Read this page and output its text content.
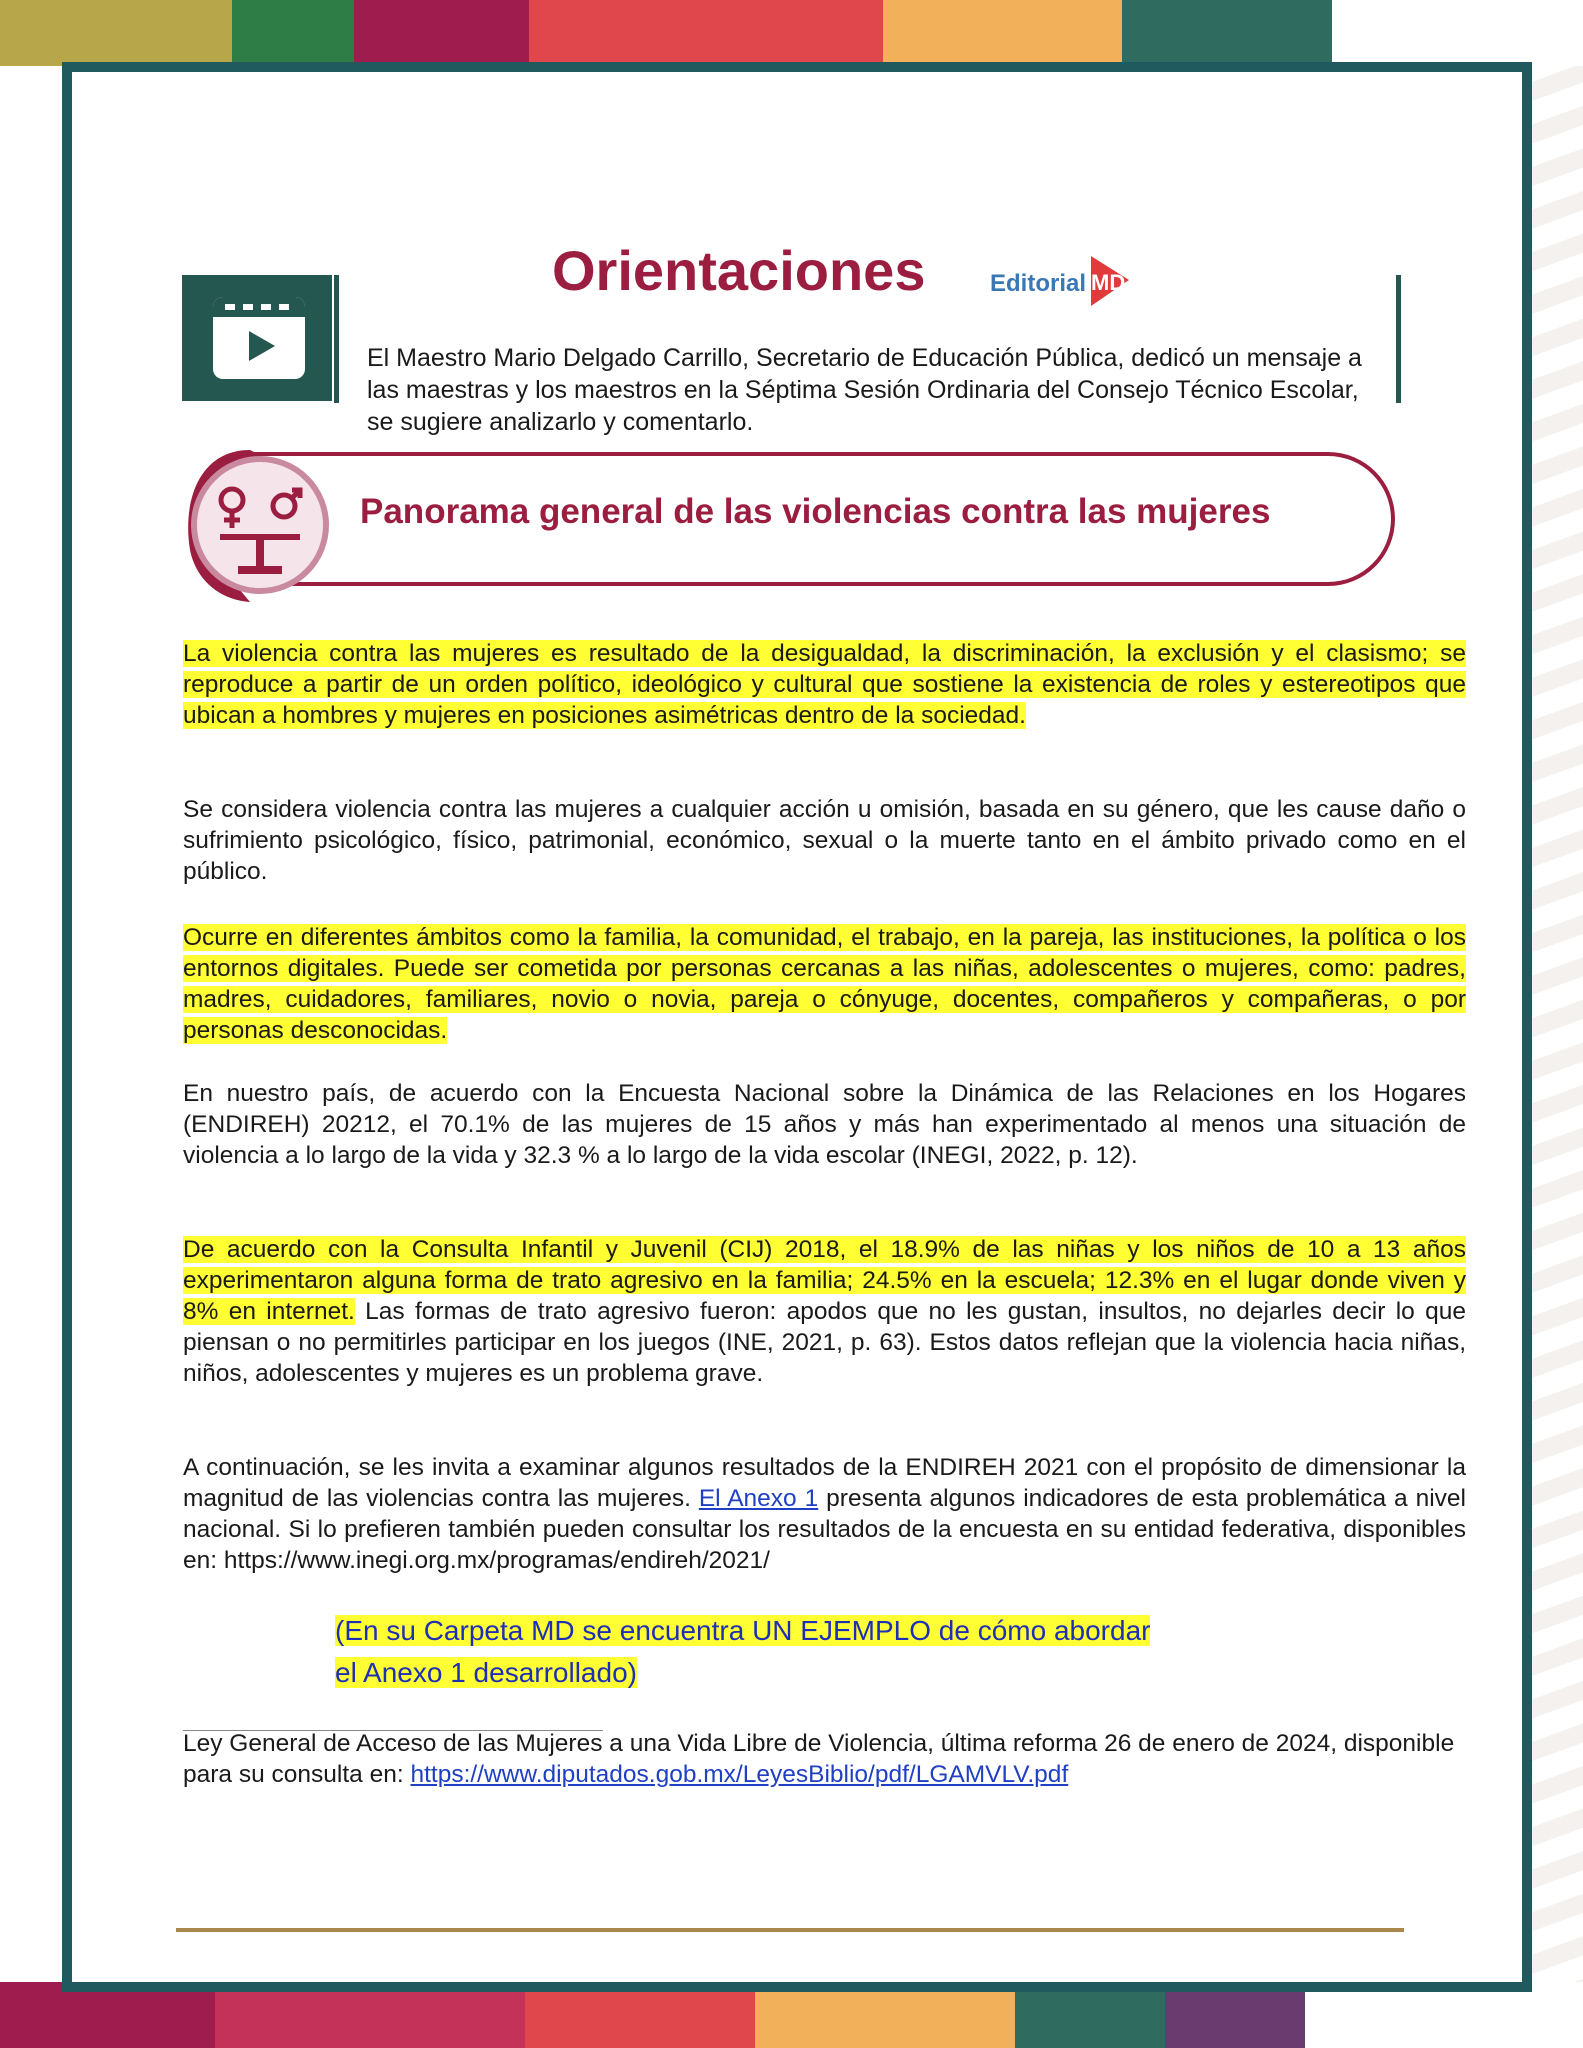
Orientaciones	Editorial MD

El Maestro Mario Delgado Carrillo, Secretario de Educación Pública, dedicó un mensaje a las maestras y los maestros en la Séptima Sesión Ordinaria del Consejo Técnico Escolar, se sugiere analizarlo y comentarlo.

Panorama general de las violencias contra las mujeres

La violencia contra las mujeres es resultado de la desigualdad, la discriminación, la exclusión y el clasismo; se reproduce a partir de un orden político, ideológico y cultural que sostiene la existencia de roles y estereotipos que ubican a hombres y mujeres en posiciones asimétricas dentro de la sociedad.

Se considera violencia contra las mujeres a cualquier acción u omisión, basada en su género, que les cause daño o sufrimiento psicológico, físico, patrimonial, económico, sexual o la muerte tanto en el ámbito privado como en el público.

Ocurre en diferentes ámbitos como la familia, la comunidad, el trabajo, en la pareja, las instituciones, la política o los entornos digitales. Puede ser cometida por personas cercanas a las niñas, adolescentes o mujeres, como: padres, madres, cuidadores, familiares, novio o novia, pareja o cónyuge, docentes, compañeros y compañeras, o por personas desconocidas.

En nuestro país, de acuerdo con la Encuesta Nacional sobre la Dinámica de las Relaciones en los Hogares (ENDIREH) 20212, el 70.1% de las mujeres de 15 años y más han experimentado al menos una situación de violencia a lo largo de la vida y 32.3 % a lo largo de la vida escolar (INEGI, 2022, p. 12).

De acuerdo con la Consulta Infantil y Juvenil (CIJ) 2018, el 18.9% de las niñas y los niños de 10 a 13 años experimentaron alguna forma de trato agresivo en la familia; 24.5% en la escuela; 12.3% en el lugar donde viven y 8% en internet. Las formas de trato agresivo fueron: apodos que no les gustan, insultos, no dejarles decir lo que piensan o no permitirles participar en los juegos (INE, 2021, p. 63). Estos datos reflejan que la violencia hacia niñas, niños, adolescentes y mujeres es un problema grave.

A continuación, se les invita a examinar algunos resultados de la ENDIREH 2021 con el propósito de dimensionar la magnitud de las violencias contra las mujeres. El Anexo 1 presenta algunos indicadores de esta problemática a nivel nacional. Si lo prefieren también pueden consultar los resultados de la encuesta en su entidad federativa, disponibles en: https://www.inegi.org.mx/programas/endireh/2021/

(En su Carpeta MD se encuentra UN EJEMPLO de cómo abordar

el Anexo 1 desarrollado)

Ley General de Acceso de las Mujeres a una Vida Libre de Violencia, última reforma 26 de enero de 2024, disponible para su consulta en: https://www.diputados.gob.mx/LeyesBiblio/pdf/LGAMVLV.pdf
